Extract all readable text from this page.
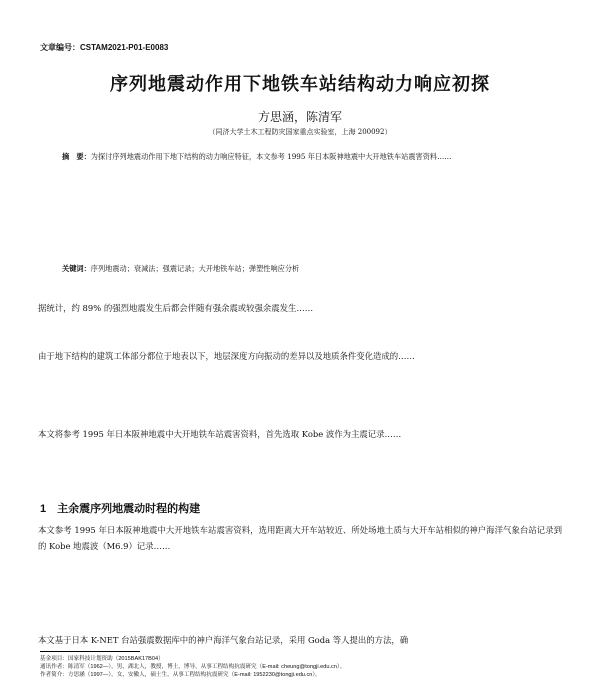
文章编号：CSTAM2021-P01-E0083
序列地震动作用下地铁车站结构动力响应初探
方思涵，陈清军
（同济大学土木工程防灾国家重点实验室，上海 200092）
摘　要：为探讨序列地震动作用下地下结构的动力响应特征，本文参考 1995 年日本阪神地震中大开地铁车站震害资料……
关键词：序列地震动；衰减法；强震记录；大开地铁车站；弹塑性响应分析
据统计，约 89% 的强烈地震发生后都会伴随有强余震或较强余震发生……
由于地下结构的建筑工体部分都位于地表以下，地层深度方向振动的差异以及地质条件变化造成的……
本文将参考 1995 年日本阪神地震中大开地铁车站震害资料，首先选取 Kobe 波作为主震记录……
1　主余震序列地震动时程的构建
本文参考 1995 年日本阪神地震中大开地铁车站震害资料，选用距离大开车站较近、所处场地土质与大开车站相似的神户海洋气象台站记录到的 Kobe 地震波（M6.9）记录……
本文基于日本 K-NET 台站强震数据库中的神户海洋气象台站记录，采用 Goda 等人提出的方法，确
基金项目：国家科技计划资助（2015BAK17B04）
通讯作者：陈清军（1962—），男，湖北人，教授，博士，博导，从事工程结构抗震研究（E-mail: cheung@tongji.edu.cn）。
作者简介：方思涵（1997—），女，安徽人，硕士生，从事工程结构抗震研究（E-mail: 1952230@tongji.edu.cn）。
